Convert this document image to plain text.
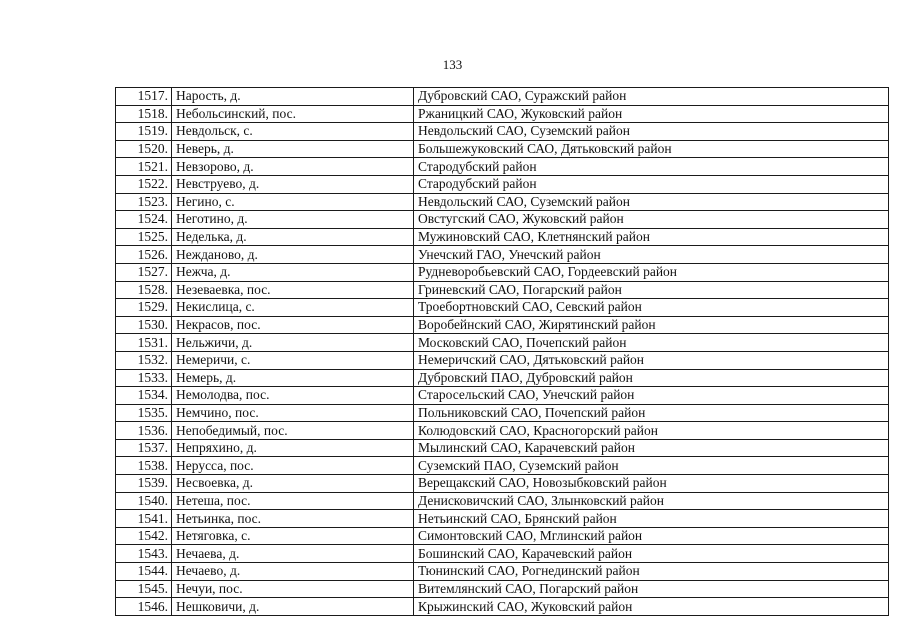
133
1517.	Нарость, д.	Дубровский САО, Суражский район
1518.	Небольсинский, пос.	Ржаницкий САО, Жуковский район
1519.	Невдольск, с.	Невдольский САО, Суземский район
1520.	Неверь, д.	Большежуковский САО, Дятьковский район
1521.	Невзорово, д.	Стародубский район
1522.	Невструево, д.	Стародубский район
1523.	Негино, с.	Невдольский САО, Суземский район
1524.	Неготино, д.	Овстугский САО, Жуковский район
1525.	Неделька, д.	Мужиновский САО, Клетнянский район
1526.	Нежданово, д.	Унечский ГАО, Унечский район
1527.	Нежча, д.	Рудневоробьевский САО, Гордеевский район
1528.	Незеваевка, пос.	Гриневский САО, Погарский район
1529.	Некислица, с.	Троебортновский САО, Севский район
1530.	Некрасов, пос.	Воробейнский САО, Жирятинский район
1531.	Нельжичи, д.	Московский САО, Почепский район
1532.	Немеричи, с.	Немеричский САО, Дятьковский район
1533.	Немерь, д.	Дубровский ПАО, Дубровский район
1534.	Немолодва, пос.	Старосельский САО, Унечский район
1535.	Немчино, пос.	Польниковский САО, Почепский район
1536.	Непобедимый, пос.	Колюдовский САО, Красногорский район
1537.	Непряхино, д.	Мылинский САО, Карачевский район
1538.	Нерусса, пос.	Суземский ПАО, Суземский район
1539.	Несвоевка, д.	Верещакский САО, Новозыбковский район
1540.	Нетеша, пос.	Денисковичский САО, Злынковский район
1541.	Нетьинка, пос.	Нетьинский САО, Брянский район
1542.	Нетяговка, с.	Симонтовский САО, Мглинский район
1543.	Нечаева, д.	Бошинский САО, Карачевский район
1544.	Нечаево, д.	Тюнинский САО, Рогнединский район
1545.	Нечуи, пос.	Витемлянский САО, Погарский район
1546.	Нешковичи, д.	Крыжинский САО, Жуковский район
